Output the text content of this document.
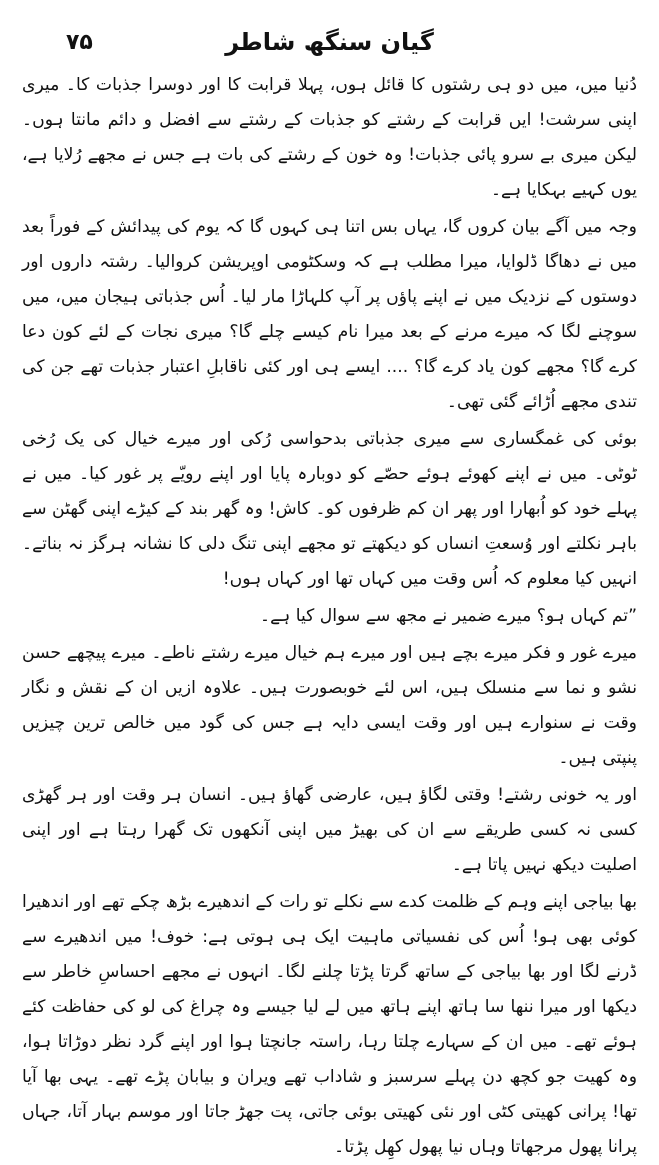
۷۵	گیان سنگھ شاطر

دُنیا میں، میں دو ہی رشتوں کا قائل ہوں، پہلا قرابت کا اور دوسرا جذبات کا۔ میری اپنی سرشت! ایں قرابت کے رشتے کو جذبات کے رشتے سے افضل و دائم مانتا ہوں۔ لیکن میری بے سرو پائی جذبات! وہ خون کے رشتے کی بات ہے جس نے مجھے رُلایا ہے، یوں کہیے بہکایا ہے۔

وجہ میں آگے بیان کروں گا، یہاں بس اتنا ہی کہوں گا کہ یوم کی پیدائش کے فوراً بعد میں نے دھاگا ڈلوایا، میرا مطلب ہے کہ وسکٹومی اوپریشن کروالیا۔ رشتہ داروں اور دوستوں کے نزدیک میں نے اپنے پاؤں پر آپ کلہاڑا مار لیا۔ اُس جذباتی ہیجان میں، میں سوچنے لگا کہ میرے مرنے کے بعد میرا نام کیسے چلے گا؟ میری نجات کے لئے کون دعا کرے گا؟ مجھے کون یاد کرے گا؟ .... ایسے ہی اور کئی ناقابلِ اعتبار جذبات تھے جن کی تندی مجھے اُڑائے گئی تھی۔

بوئی کی غمگساری سے میری جذباتی بدحواسی رُکی اور میرے خیال کی یک رُخی ٹوٹی۔ میں نے اپنے کھوئے ہوئے حصّے کو دوبارہ پایا اور اپنے رویّے پر غور کیا۔ میں نے پہلے خود کو اُبھارا اور پھر ان کم ظرفوں کو۔ کاش! وہ گھر بند کے کیڑے اپنی گھٹن سے باہر نکلتے اور وُسعتِ انساں کو دیکھتے تو مجھے اپنی تنگ دلی کا نشانہ ہرگز نہ بناتے۔ انہیں کیا معلوم کہ اُس وقت میں کہاں تھا اور کہاں ہوں!

”تم کہاں ہو؟ میرے ضمیر نے مجھ سے سوال کیا ہے۔

میرے غور و فکر میرے بچے ہیں اور میرے ہم خیال میرے رشتے ناطے۔ میرے پیچھے حسن نشو و نما سے منسلک ہیں، اس لئے خوبصورت ہیں۔ علاوہ ازیں ان کے نقش و نگار وقت نے سنوارے ہیں اور وقت ایسی دایہ ہے جس کی گود میں خالص ترین چیزیں پنپتی ہیں۔

اور یہ خونی رشتے! وقتی لگاؤ ہیں، عارضی گھاؤ ہیں۔ انسان ہر وقت اور ہر گھڑی کسی نہ کسی طریقے سے ان کی بھیڑ میں اپنی آنکھوں تک گھرا رہتا ہے اور اپنی اصلیت دیکھ نہیں پاتا ہے۔

بھا بیاجی اپنے وہم کے ظلمت کدے سے نکلے تو رات کے اندھیرے بڑھ چکے تھے اور اندھیرا کوئی بھی ہو! اُس کی نفسیاتی ماہیت ایک ہی ہوتی ہے: خوف! میں اندھیرے سے ڈرنے لگا اور بھا بیاجی کے ساتھ گرتا پڑتا چلنے لگا۔ انہوں نے مجھے احساسِ خاطر سے دیکھا اور میرا ننھا سا ہاتھ اپنے ہاتھ میں لے لیا جیسے وہ چراغ کی لو کی حفاظت کئے ہوئے تھے۔ میں ان کے سہارے چلتا رہا، راستہ جانچتا ہوا اور اپنے گرد نظر دوڑاتا ہوا، وہ کھیت جو کچھ دن پہلے سرسبز و شاداب تھے ویران و بیابان پڑے تھے۔ یہی بھا آیا تھا! پرانی کھیتی کٹی اور نئی کھیتی بوئی جاتی، پت جھڑ جاتا اور موسم بہار آتا، جہاں پرانا پھول مرجھاتا وہاں نیا پھول کھِل پڑتا۔
